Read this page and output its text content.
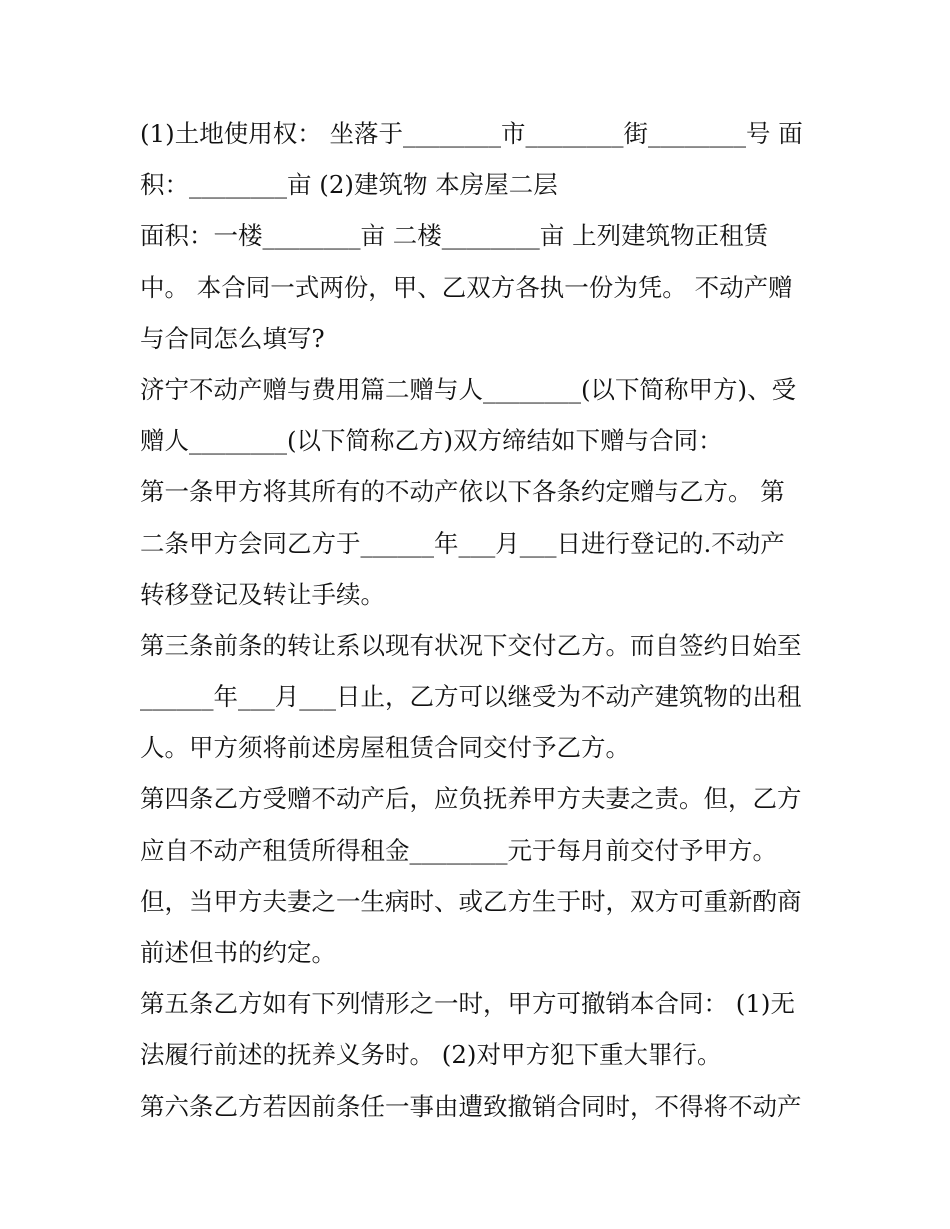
(1)土地使用权： 坐落于________市________街________号 面
积：________亩 (2)建筑物 本房屋二层
面积：一楼________亩 二楼________亩 上列建筑物正租赁
中。 本合同一式两份，甲、乙双方各执一份为凭。 不动产赠
与合同怎么填写?
济宁不动产赠与费用篇二赠与人________(以下简称甲方)、受
赠人________(以下简称乙方)双方缔结如下赠与合同：
第一条甲方将其所有的不动产依以下各条约定赠与乙方。 第
二条甲方会同乙方于______年___月___日进行登记的.不动产
转移登记及转让手续。
第三条前条的转让系以现有状况下交付乙方。而自签约日始至
______年___月___日止，乙方可以继受为不动产建筑物的出租
人。甲方须将前述房屋租赁合同交付予乙方。
第四条乙方受赠不动产后，应负抚养甲方夫妻之责。但，乙方
应自不动产租赁所得租金________元于每月前交付予甲方。
但，当甲方夫妻之一生病时、或乙方生于时，双方可重新酌商
前述但书的约定。
第五条乙方如有下列情形之一时，甲方可撤销本合同： (1)无
法履行前述的抚养义务时。 (2)对甲方犯下重大罪行。
第六条乙方若因前条任一事由遭致撤销合同时，不得将不动产
